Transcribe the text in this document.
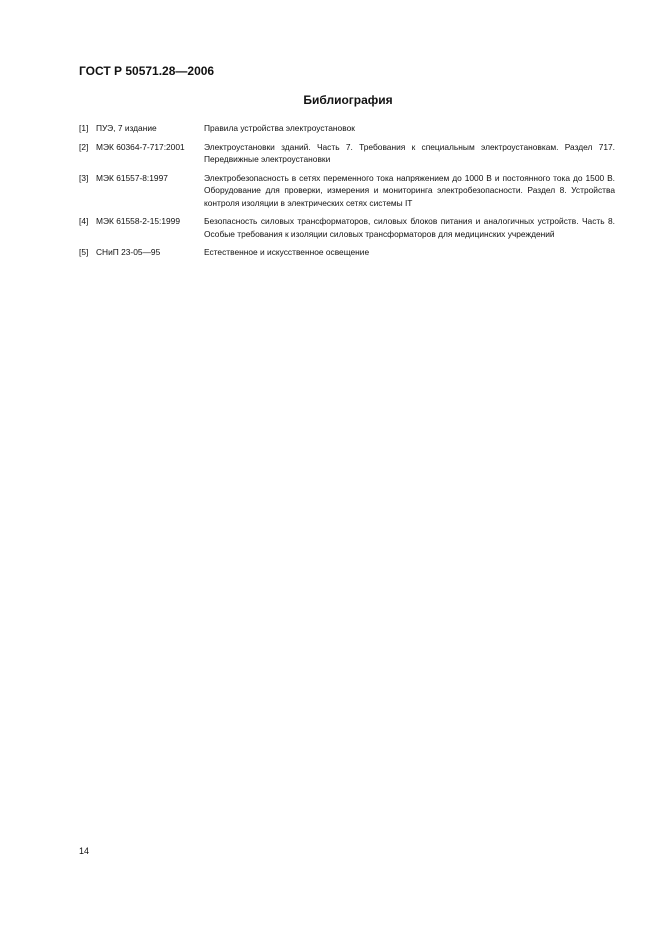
ГОСТ Р 50571.28—2006
Библиография
[1] ПУЭ, 7 издание	Правила устройства электроустановок
[2] МЭК 60364-7-717:2001	Электроустановки зданий. Часть 7. Требования к специальным электроустановкам. Раздел 717. Передвижные электроустановки
[3] МЭК 61557-8:1997	Электробезопасность в сетях переменного тока напряжением до 1000 В и постоянного тока до 1500 В. Оборудование для проверки, измерения и мониторинга электробезопасности. Раздел 8. Устройства контроля изоляции в электрических сетях системы IT
[4] МЭК 61558-2-15:1999	Безопасность силовых трансформаторов, силовых блоков питания и аналогичных устройств. Часть 8. Особые требования к изоляции силовых трансформаторов для медицинских учреждений
[5] СНиП 23-05—95	Естественное и искусственное освещение
14
